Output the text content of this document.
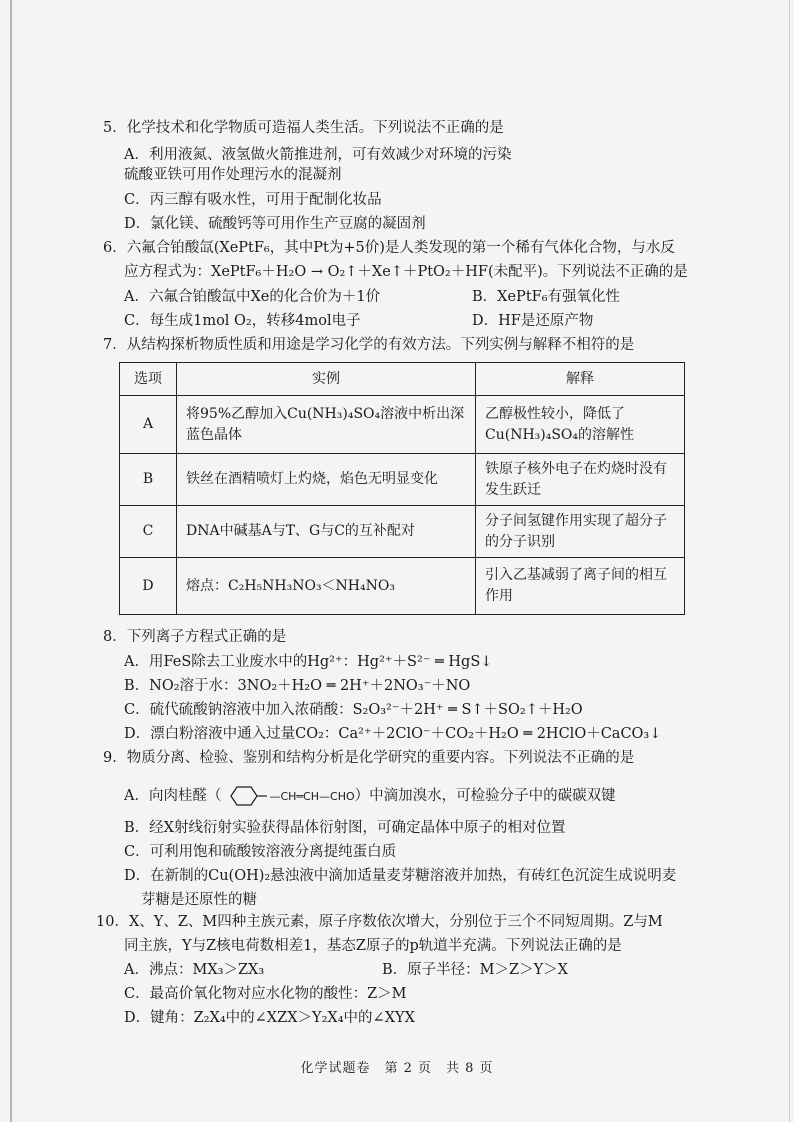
5．化学技术和化学物质可造福人类生活。下列说法不正确的是
A．利用液氮、液氢做火箭推进剂，可有效减少对环境的污染
硫酸亚铁可用作处理污水的混凝剂
C．丙三醇有吸水性，可用于配制化妆品
D．氯化镁、硫酸钙等可用作生产豆腐的凝固剂
6．六氟合铂酸氙(XePtF₆，其中Pt为+5价)是人类发现的第一个稀有气体化合物，与水反
应方程式为：XePtF₆＋H₂O → O₂↑＋Xe↑＋PtO₂＋HF(未配平)。下列说法不正确的是
A．六氟合铂酸氙中Xe的化合价为＋1价	B．XePtF₆有强氧化性
C．每生成1mol O₂，转移4mol电子	D．HF是还原产物
7．从结构探析物质性质和用途是学习化学的有效方法。下列实例与解释不相符的是
选项	实例	解释
A	将95%乙醇加入Cu(NH₃)₄SO₄溶液中析出深蓝色晶体	乙醇极性较小，降低了Cu(NH₃)₄SO₄的溶解性
B	铁丝在酒精喷灯上灼烧，焰色无明显变化	铁原子核外电子在灼烧时没有发生跃迁
C	DNA中碱基A与T、G与C的互补配对	分子间氢键作用实现了超分子的分子识别
D	熔点：C₂H₅NH₃NO₃＜NH₄NO₃	引入乙基减弱了离子间的相互作用
8．下列离子方程式正确的是
A．用FeS除去工业废水中的Hg²⁺：Hg²⁺＋S²⁻ ═ HgS↓
B．NO₂溶于水：3NO₂＋H₂O ═ 2H⁺＋2NO₃⁻＋NO
C．硫代硫酸钠溶液中加入浓硝酸：S₂O₃²⁻＋2H⁺ ═ S↑＋SO₂↑＋H₂O
D．漂白粉溶液中通入过量CO₂：Ca²⁺＋2ClO⁻＋CO₂＋H₂O ═ 2HClO＋CaCO₃↓
9．物质分离、检验、鉴别和结构分析是化学研究的重要内容。下列说法不正确的是
A．向肉桂醛（	—CH═CH—CHO）中滴加溴水，可检验分子中的碳碳双键
B．经X射线衍射实验获得晶体衍射图，可确定晶体中原子的相对位置
C．可利用饱和硫酸铵溶液分离提纯蛋白质
D．在新制的Cu(OH)₂悬浊液中滴加适量麦芽糖溶液并加热，有砖红色沉淀生成说明麦
芽糖是还原性的糖
10．X、Y、Z、M四种主族元素，原子序数依次增大，分别位于三个不同短周期。Z与M
同主族，Y与Z核电荷数相差1，基态Z原子的p轨道半充满。下列说法正确的是
A．沸点：MX₃＞ZX₃	B．原子半径：M＞Z＞Y＞X
C．最高价氧化物对应水化物的酸性：Z＞M
D．键角：Z₂X₄中的∠XZX＞Y₂X₄中的∠XYX
化学试题卷　第 2 页　共 8 页
